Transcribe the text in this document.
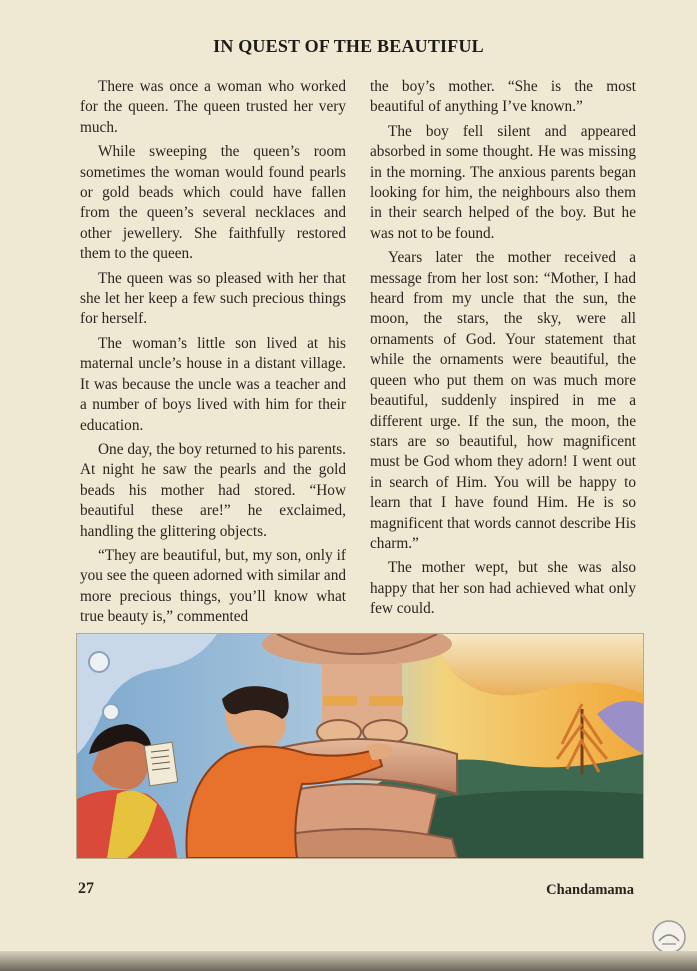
IN QUEST OF THE BEAUTIFUL

There was once a woman who worked for the queen. The queen trusted her very much.

While sweeping the queen’s room sometimes the woman would found pearls or gold beads which could have fallen from the queen’s several necklaces and other jewellery. She faithfully restored them to the queen.

The queen was so pleased with her that she let her keep a few such precious things for herself.

The woman’s little son lived at his maternal uncle’s house in a distant village. It was because the uncle was a teacher and a number of boys lived with him for their education.

One day, the boy returned to his parents. At night he saw the pearls and the gold beads his mother had stored. “How beautiful these are!” he exclaimed, handling the glittering objects.

“They are beautiful, but, my son, only if you see the queen adorned with similar and more precious things, you’ll know what true beauty is,” commented

the boy’s mother. “She is the most beautiful of anything I’ve known.”

The boy fell silent and appeared absorbed in some thought. He was missing in the morning. The anxious parents began looking for him, the neighbours also them in their search helped of the boy. But he was not to be found.

Years later the mother received a message from her lost son: “Mother, I had heard from my uncle that the sun, the moon, the stars, the sky, were all ornaments of God. Your statement that while the ornaments were beautiful, the queen who put them on was much more beautiful, suddenly inspired in me a different urge. If the sun, the moon, the stars are so beautiful, how magnificent must be God whom they adorn! I went out in search of Him. You will be happy to learn that I have found Him. He is so magnificent that words cannot describe His charm.”

The mother wept, but she was also happy that her son had achieved what only few could.

27	Chandamama
